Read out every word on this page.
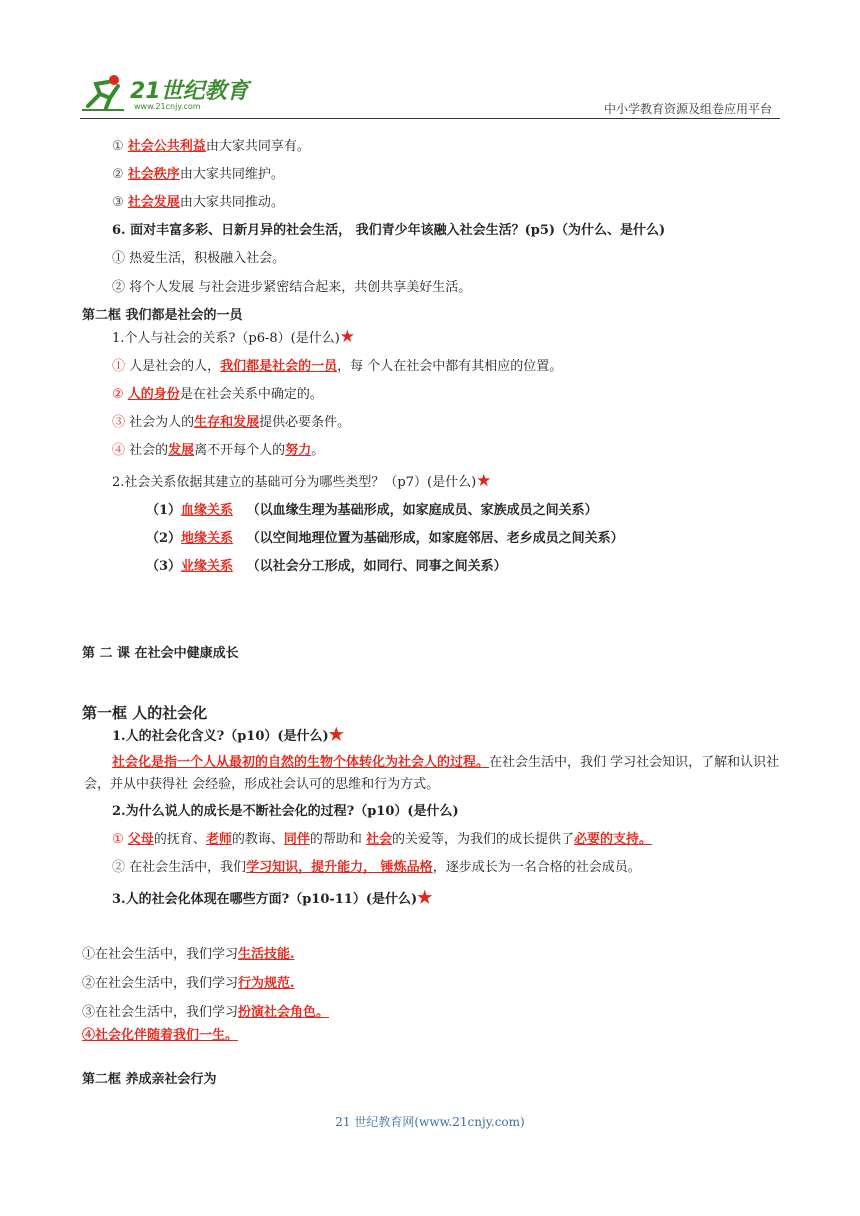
21世纪教育
www.21cnjy.com	中小学教育资源及组卷应用平台
① 社会公共利益由大家共同享有。
② 社会秩序由大家共同维护。
③ 社会发展由大家共同推动。
6. 面对丰富多彩、日新月异的社会生活， 我们青少年该融入社会生活？(p5)（为什么、是什么)
① 热爱生活，积极融入社会。
② 将个人发展 与社会进步紧密结合起来，共创共享美好生活。
第二框 我们都是社会的一员
1.个人与社会的关系?（p6-8）(是什么)★
① 人是社会的人，我们都是社会的一员，每 个人在社会中都有其相应的位置。
② 人的身份是在社会关系中确定的。
③ 社会为人的生存和发展提供必要条件。
④ 社会的发展离不开每个人的努力。
2.社会关系依据其建立的基础可分为哪些类型？（p7）(是什么)★
（1）血缘关系 （以血缘生理为基础形成，如家庭成员、家族成员之间关系）
（2）地缘关系 （以空间地理位置为基础形成，如家庭邻居、老乡成员之间关系）
（3）业缘关系 （以社会分工形成，如同行、同事之间关系）
第 二 课 在社会中健康成长
第一框 人的社会化
1.人的社会化含义?（p10）(是什么)★
社会化是指一个人从最初的自然的生物个体转化为社会人的过程。在社会生活中，我们 学习社会知识，了解和认识社会，并从中获得社 会经验，形成社会认可的思维和行为方式。
2.为什么说人的成长是不断社会化的过程?（p10）(是什么)
① 父母的抚育、老师的教诲、同伴的帮助和 社会的关爱等，为我们的成长提供了必要的支持。
② 在社会生活中，我们学习知识，提升能力， 锤炼品格，逐步成长为一名合格的社会成员。
3.人的社会化体现在哪些方面?（p10-11）(是什么)★
①在社会生活中，我们学习生活技能.
②在社会生活中，我们学习行为规范.
③在社会生活中，我们学习扮演社会角色。
④社会化伴随着我们一生。
第二框 养成亲社会行为
21 世纪教育网(www.21cnjy.com)
